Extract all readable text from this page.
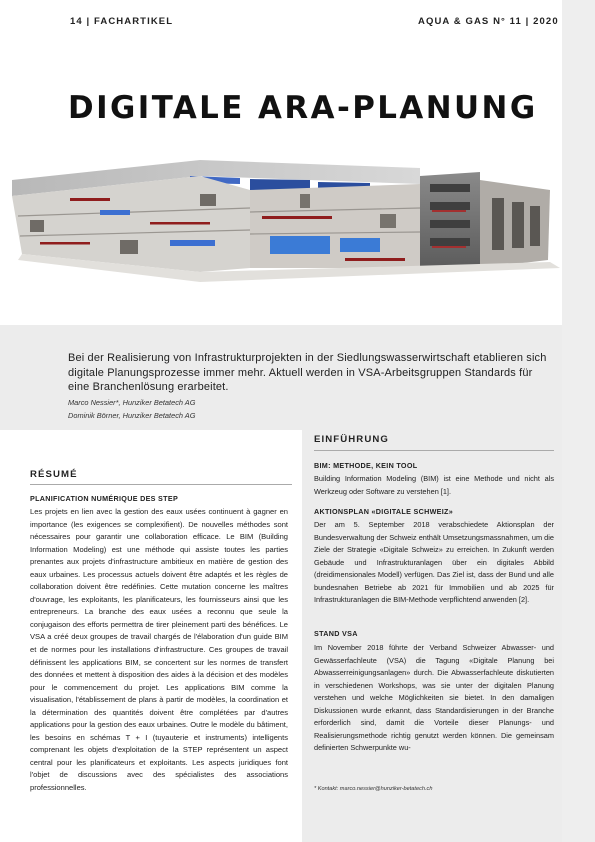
14 | FACHARTIKEL	AQUA & GAS N° 11 | 2020
DIGITALE ARA-PLANUNG

Bei der Realisierung von Infrastrukturprojekten in der Siedlungswasserwirtschaft etablieren sich digitale Planungsprozesse immer mehr. Aktuell werden in VSA-Arbeitsgruppen Standards für eine Branchenlösung erarbeitet.

Marco Nessier*, Hunziker Betatech AG
Dominik Börner, Hunziker Betatech AG
RÉSUMÉ
PLANIFICATION NUMÉRIQUE DES STEP

Les projets en lien avec la gestion des eaux usées continuent à gagner en importance (les exigences se complexifient). De nouvelles méthodes sont nécessaires pour garantir une collaboration efficace. Le BIM (Building Information Modeling) est une méthode qui assiste toutes les parties prenantes aux projets d'infrastructure ambitieux en matière de gestion des eaux urbaines. Les processus actuels doivent être adaptés et les règles de collaboration doivent être redéfinies. Cette mutation concerne les maîtres d'ouvrage, les exploitants, les planificateurs, les fournisseurs ainsi que les entrepreneurs. La branche des eaux usées a reconnu que seule la conjugaison des efforts permettra de tirer pleinement parti des bénéfices. Le VSA a créé deux groupes de travail chargés de l'élaboration d'un guide BIM et de normes pour les installations d'infrastructure. Ces groupes de travail définissent les applications BIM, se concertent sur les normes de transfert des données et mettent à disposition des aides à la décision et des modèles pour le commencement du projet. Les applications BIM comme la visualisation, l'établissement de plans à partir de modèles, la coordination et la détermination des quantités doivent être complétées par d'autres applications pour la gestion des eaux urbaines. Outre le modèle du bâtiment, les besoins en schémas T + I (tuyauterie et instruments) intelligents comprenant les objets d'exploitation de la STEP représentent un aspect central pour les planificateurs et exploitants. Les aspects juridiques font l'objet de discussions avec des spécialistes des associations professionnelles.

EINFÜHRUNG
BIM: METHODE, KEIN TOOL

Building Information Modeling (BIM) ist eine Methode und nicht als Werkzeug oder Software zu verstehen [1].

AKTIONSPLAN «DIGITALE SCHWEIZ»

Der am 5. September 2018 verabschiedete Aktionsplan der Bundesverwaltung der Schweiz enthält Umsetzungsmassnahmen, um die Ziele der Strategie «Digitale Schweiz» zu erreichen. In Zukunft werden Gebäude und Infrastrukturanlagen über ein digitales Abbild (dreidimensionales Modell) verfügen. Das Ziel ist, dass der Bund und alle bundesnahen Betriebe ab 2021 für Immobilien und ab 2025 für Infrastrukturanlagen die BIM-Methode verpflichtend anwenden [2].

STAND VSA

Im November 2018 führte der Verband Schweizer Abwasser- und Gewässerfachleute (VSA) die Tagung «Digitale Planung bei Abwasserreinigungsanlagen» durch. Die Abwasserfachleute diskutierten in verschiedenen Workshops, was sie unter der digitalen Planung verstehen und welche Möglichkeiten sie bietet. In den damaligen Diskussionen wurde erkannt, dass Standardisierungen in der Branche erforderlich sind, damit die Vorteile dieser Planungs- und Realisierungsmethode richtig genutzt werden können. Die gemeinsam definierten Schwerpunkte wu-

* Kontakt: marco.nessier@hunziker-betatech.ch
